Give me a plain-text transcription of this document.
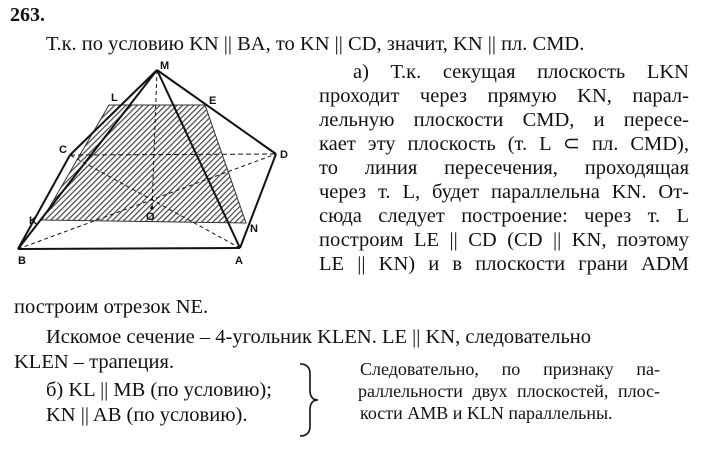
263.
Т.к. по условию KN || BA, то KN || CD, значит, KN || пл. CMD.
M
L	E
C	D
O
K
N
B	A
а) Т.к. секущая плоскость LKN
проходит через прямую KN, парал-
лельную плоскости CMD, и пересе-
кает эту плоскость (т. L ⊂ пл. CMD),
то линия пересечения, проходящая
через т. L, будет параллельна KN. От-
сюда следует построение: через т. L
построим LE || CD (CD || KN, поэтому
LE || KN) и в плоскости грани ADM
построим отрезок NE.
Искомое сечение – 4-угольник KLEN. LE || KN, следовательно
KLEN – трапеция.
б) KL || MB (по условию);
KN || AB (по условию).
Следовательно, по признаку па-
раллельности двух плоскостей, плос-
кости AMB и KLN параллельны.
